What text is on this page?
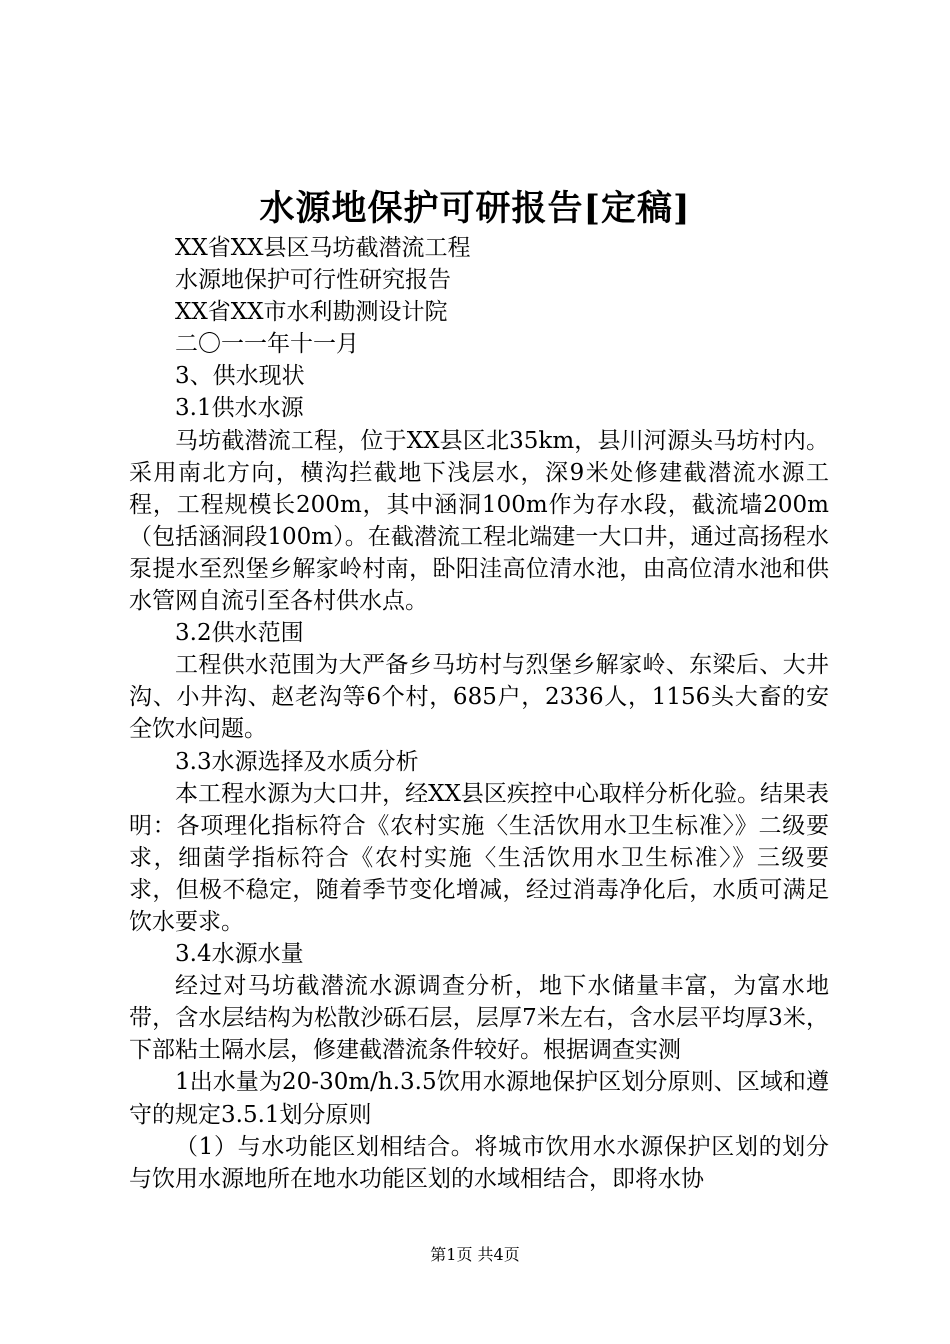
水源地保护可研报告[定稿]

XX省XX县区马坊截潜流工程

水源地保护可行性研究报告

XX省XX市水利勘测设计院

二〇一一年十一月

3、供水现状

3.1供水水源

马坊截潜流工程，位于XX县区北35km，县川河源头马坊村内。采用南北方向，横沟拦截地下浅层水，深9米处修建截潜流水源工程，工程规模长200m，其中涵洞100m作为存水段，截流墙200m（包括涵洞段100m）。在截潜流工程北端建一大口井，通过高扬程水泵提水至烈堡乡解家岭村南，卧阳洼高位清水池，由高位清水池和供水管网自流引至各村供水点。

3.2供水范围

工程供水范围为大严备乡马坊村与烈堡乡解家岭、东梁后、大井沟、小井沟、赵老沟等6个村，685户，2336人，1156头大畜的安全饮水问题。

3.3水源选择及水质分析

本工程水源为大口井，经XX县区疾控中心取样分析化验。结果表明：各项理化指标符合《农村实施〈生活饮用水卫生标准〉》二级要求，细菌学指标符合《农村实施〈生活饮用水卫生标准〉》三级要求，但极不稳定，随着季节变化增减，经过消毒净化后，水质可满足饮水要求。

3.4水源水量

经过对马坊截潜流水源调查分析，地下水储量丰富，为富水地带，含水层结构为松散沙砾石层，层厚7米左右，含水层平均厚3米，下部粘土隔水层，修建截潜流条件较好。根据调查实测

1出水量为20-30m/h.3.5饮用水源地保护区划分原则、区域和遵守的规定3.5.1划分原则

（1）与水功能区划相结合。将城市饮用水水源保护区划的划分与饮用水源地所在地水功能区划的水域相结合，即将水协

第1页 共4页
